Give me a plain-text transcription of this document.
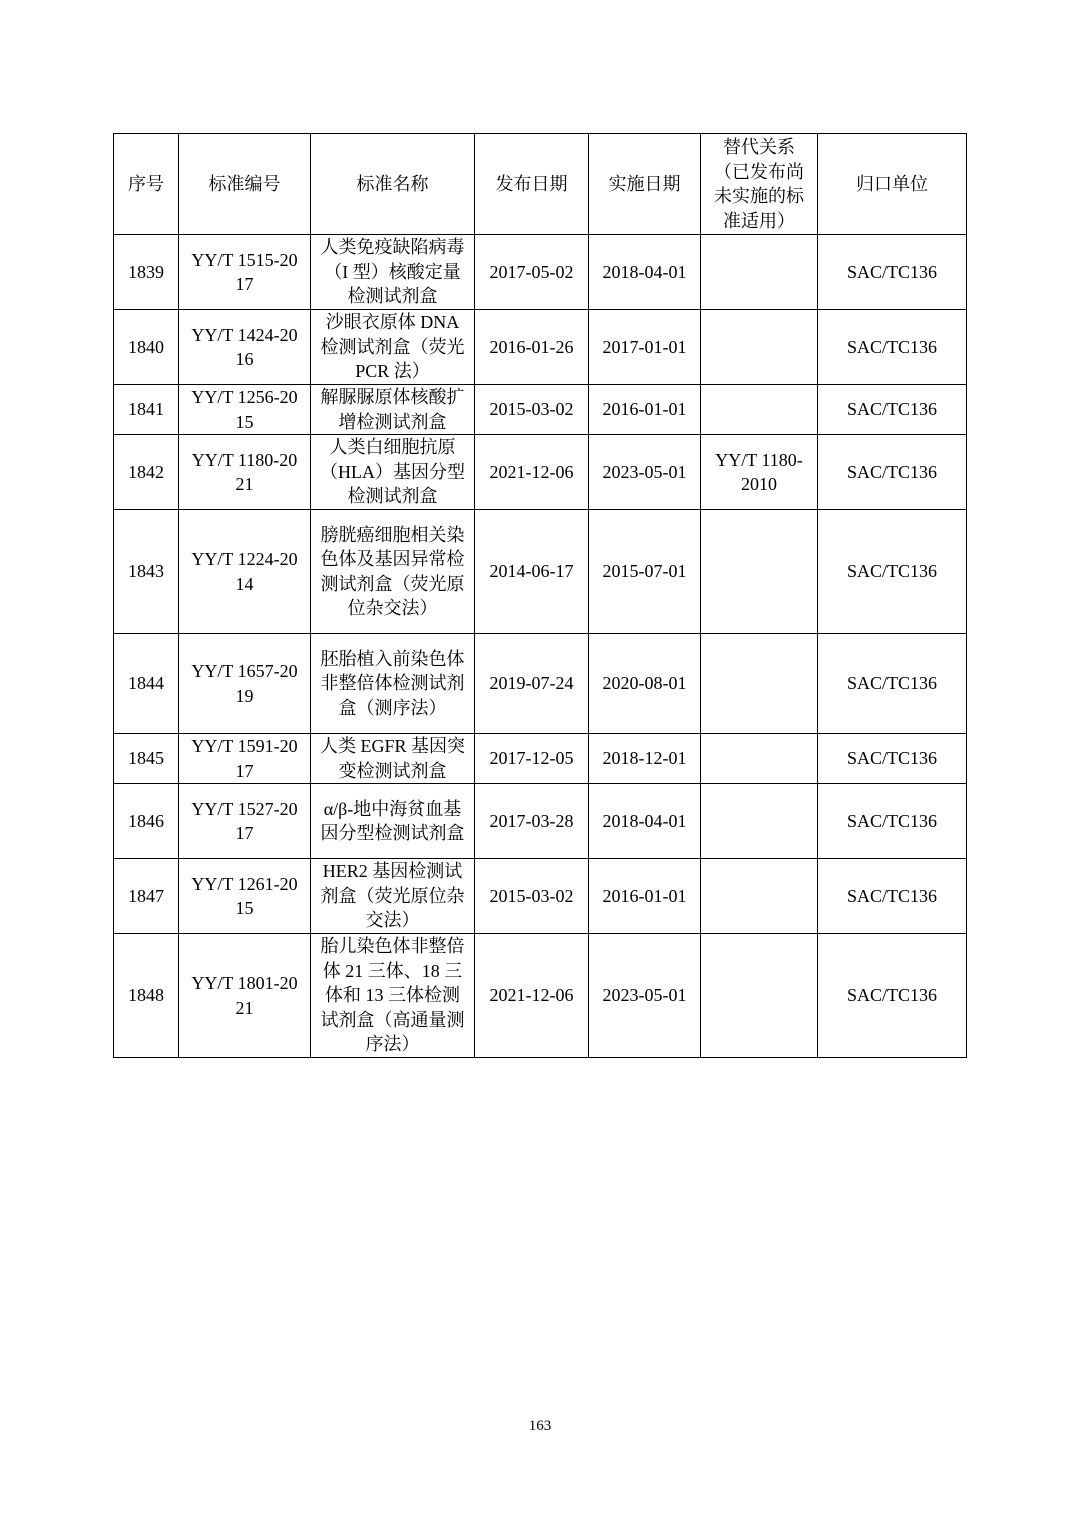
序号	标准编号	标准名称	发布日期	实施日期	替代关系（已发布尚未实施的标准适用）	归口单位
1839	YY/T 1515-2017	人类免疫缺陷病毒（I 型）核酸定量检测试剂盒	2017-05-02	2018-04-01		SAC/TC136
1840	YY/T 1424-2016	沙眼衣原体 DNA 检测试剂盒（荧光 PCR 法）	2016-01-26	2017-01-01		SAC/TC136
1841	YY/T 1256-2015	解脲脲原体核酸扩增检测试剂盒	2015-03-02	2016-01-01		SAC/TC136
1842	YY/T 1180-2021	人类白细胞抗原（HLA）基因分型检测试剂盒	2021-12-06	2023-05-01	YY/T 1180-2010	SAC/TC136
1843	YY/T 1224-2014	膀胱癌细胞相关染色体及基因异常检测试剂盒（荧光原位杂交法）	2014-06-17	2015-07-01		SAC/TC136
1844	YY/T 1657-2019	胚胎植入前染色体非整倍体检测试剂盒（测序法）	2019-07-24	2020-08-01		SAC/TC136
1845	YY/T 1591-2017	人类 EGFR 基因突变检测试剂盒	2017-12-05	2018-12-01		SAC/TC136
1846	YY/T 1527-2017	α/β-地中海贫血基因分型检测试剂盒	2017-03-28	2018-04-01		SAC/TC136
1847	YY/T 1261-2015	HER2 基因检测试剂盒（荧光原位杂交法）	2015-03-02	2016-01-01		SAC/TC136
1848	YY/T 1801-2021	胎儿染色体非整倍体 21 三体、18 三体和 13 三体检测试剂盒（高通量测序法）	2021-12-06	2023-05-01		SAC/TC136
163
